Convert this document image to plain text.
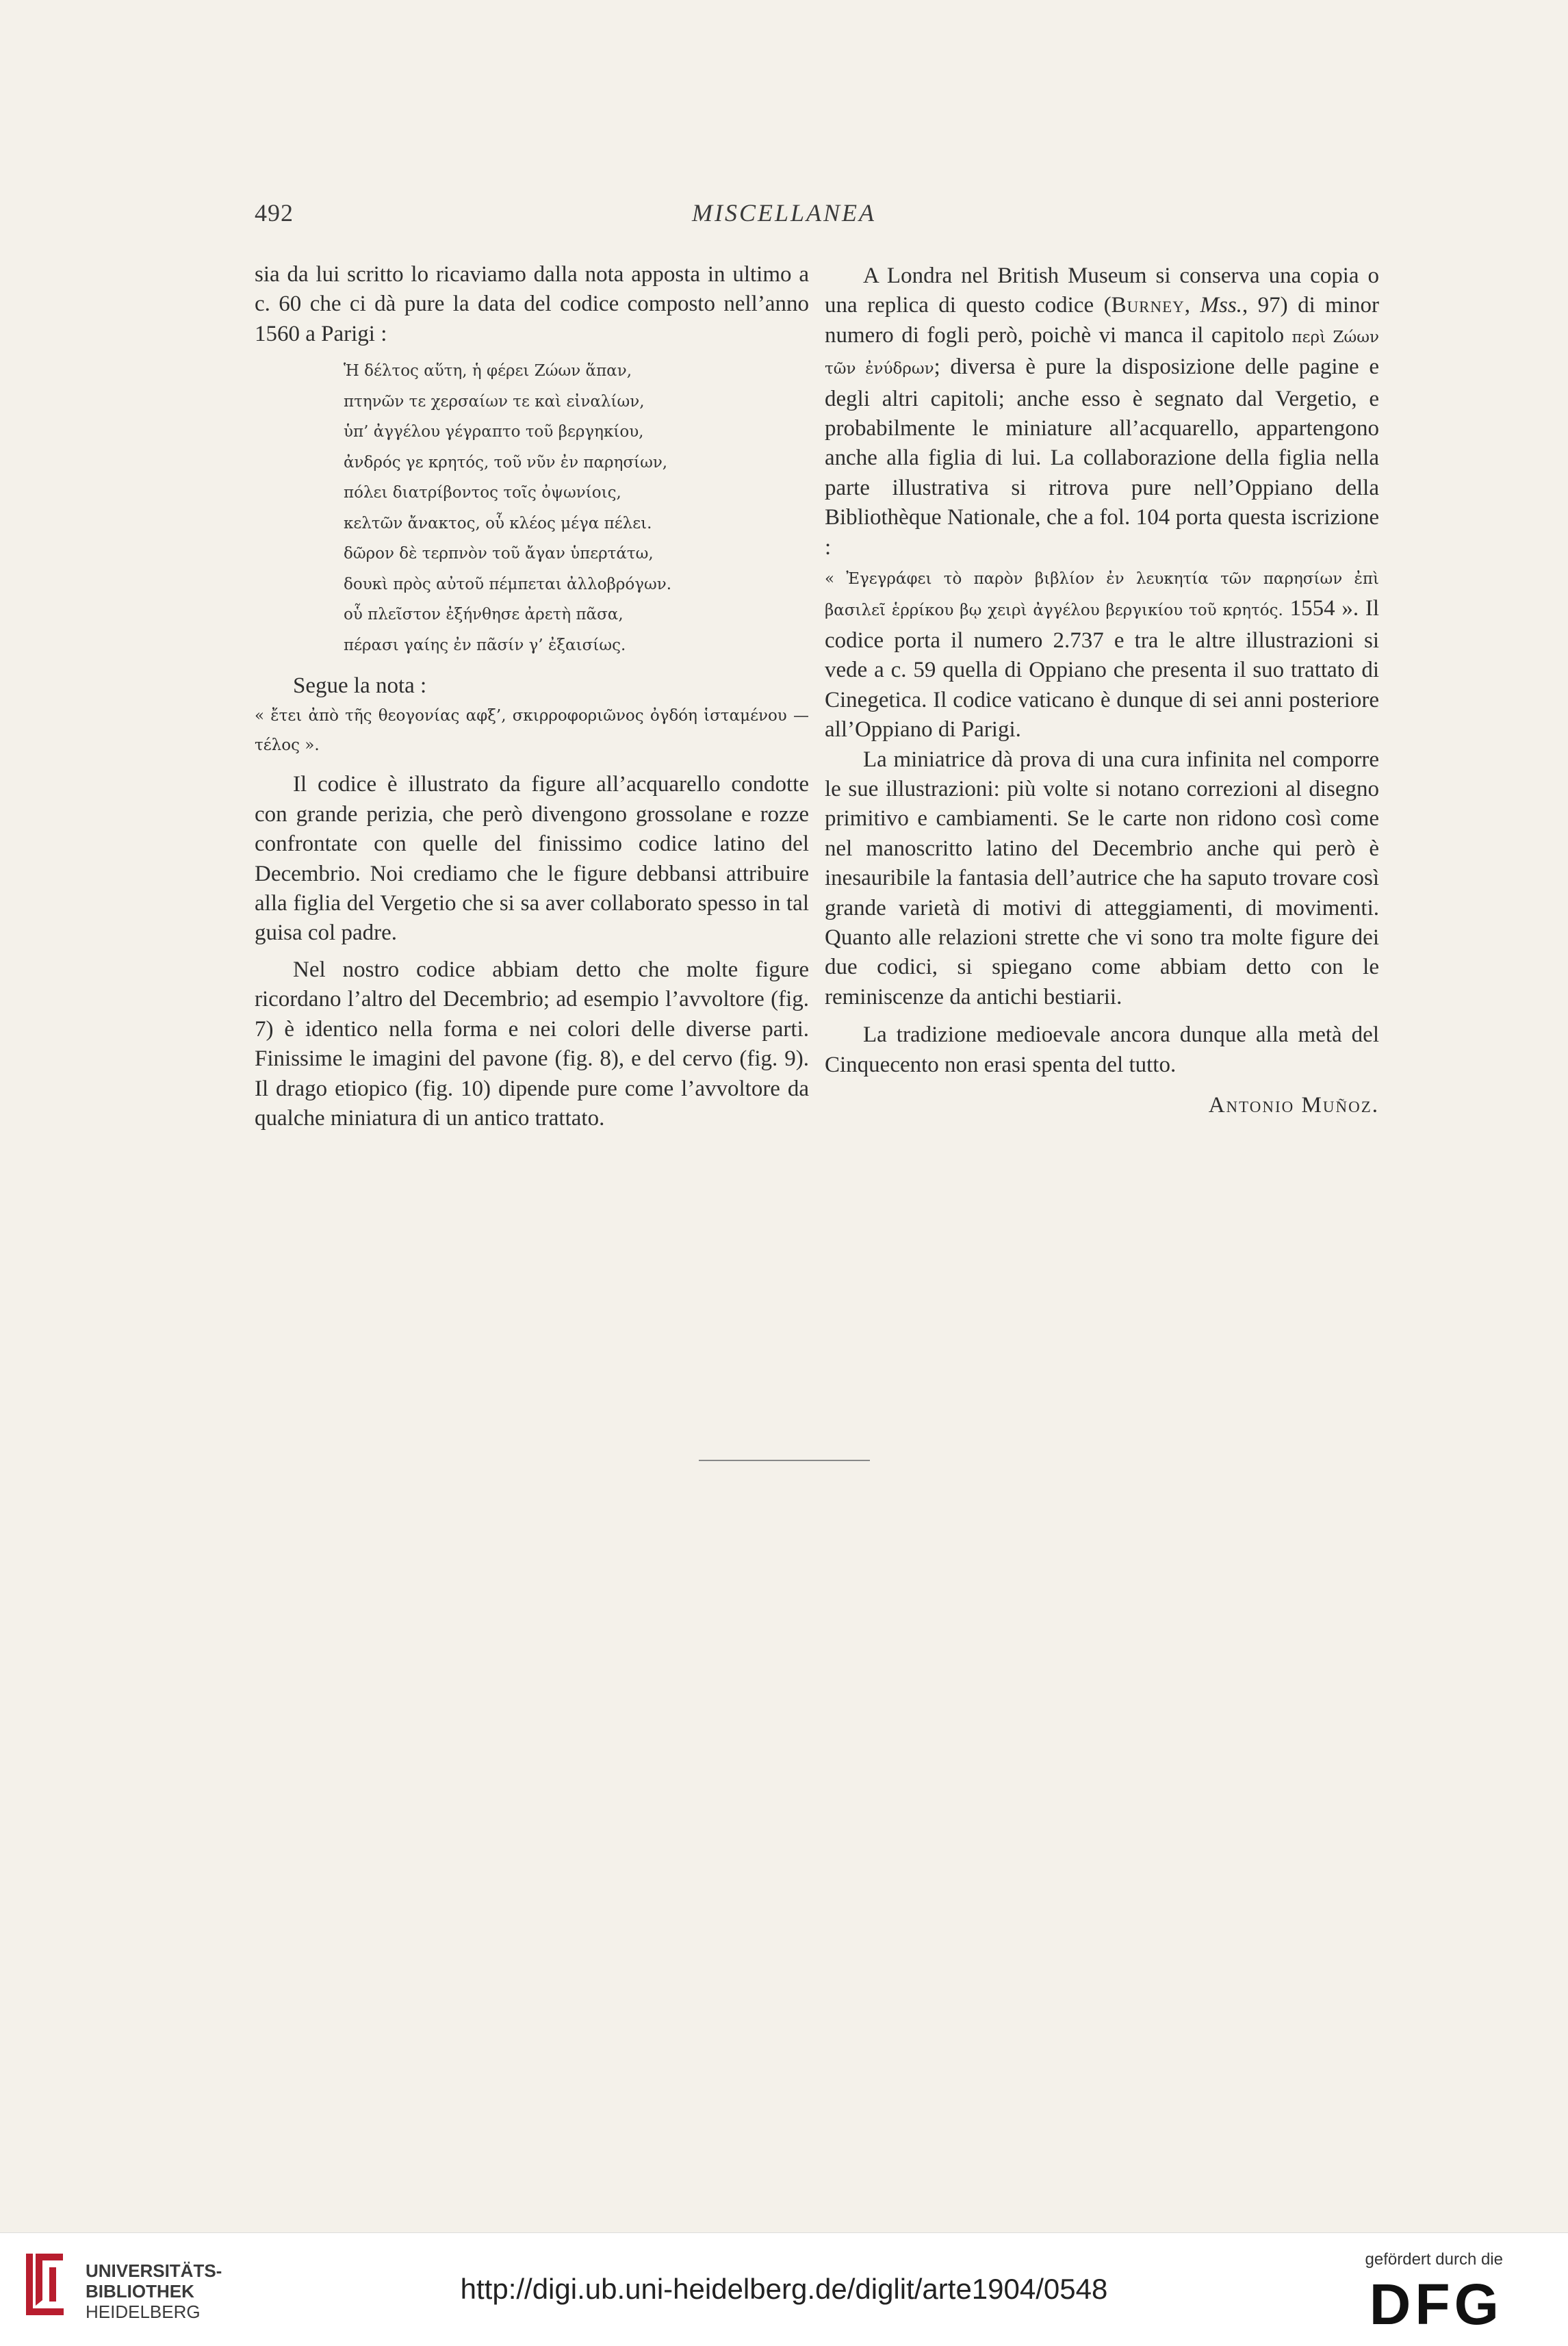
492	MISCELLANEA

sia da lui scritto lo ricaviamo dalla nota apposta in ultimo a c. 60 che ci dà pure la data del codice composto nell’anno 1560 a Parigi :

Ἡ δέλτος αὕτη, ἡ φέρει Ζώων ἅπαν,
πτηνῶν τε χερσαίων τε καὶ εἰναλίων,
ὑπ’ ἀγγέλου γέγραπτο τοῦ βεργηκίου,
ἀνδρός γε κρητός, τοῦ νῦν ἐν παρησίων,
πόλει διατρίβοντος τοῖς ὀψωνίοις,
κελτῶν ἄνακτος, οὗ κλέος μέγα πέλει.
δῶρον δὲ τερπνὸν τοῦ ἄγαν ὑπερτάτω,
δουκὶ πρὸς αὐτοῦ πέμπεται ἀλλοβρόγων.
οὗ πλεῖστον ἐξήνθησε ἀρετὴ πᾶσα,
πέρασι γαίης ἐν πᾶσίν γ’ ἐξαισίως.

Segue la nota :

« ἔτει ἀπὸ τῆς θεογονίας αφξ’, σκιρροφοριῶνος ὀγδόη ἱσταμένου — τέλος ».

Il codice è illustrato da figure all’acquarello condotte con grande perizia, che però divengono grossolane e rozze confrontate con quelle del finissimo codice latino del Decembrio. Noi crediamo che le figure debbansi attribuire alla figlia del Vergetio che si sa aver collaborato spesso in tal guisa col padre.

Nel nostro codice abbiam detto che molte figure ricordano l’altro del Decembrio; ad esempio l’avvoltore (fig. 7) è identico nella forma e nei colori delle diverse parti. Finissime le imagini del pavone (fig. 8), e del cervo (fig. 9). Il drago etiopico (fig. 10) dipende pure come l’avvoltore da qualche miniatura di un antico trattato.

A Londra nel British Museum si conserva una copia o una replica di questo codice (Burney, Mss., 97) di minor numero di fogli però, poichè vi manca il capitolo περὶ Ζώων τῶν ἐνύδρων; diversa è pure la disposizione delle pagine e degli altri capitoli; anche esso è segnato dal Vergetio, e probabilmente le miniature all’acquarello, appartengono anche alla figlia di lui. La collaborazione della figlia nella parte illustrativa si ritrova pure nell’Oppiano della Bibliothèque Nationale, che a fol. 104 porta questa iscrizione :

« Ἐγεγράφει τὸ παρὸν βιβλίον ἐν λευκητία τῶν παρησίων ἐπὶ βασιλεῖ ἑρρίκου βῳ χειρὶ ἀγγέλου βεργικίου τοῦ κρητός. 1554 ». Il codice porta il numero 2.737 e tra le altre illustrazioni si vede a c. 59 quella di Oppiano che presenta il suo trattato di Cinegetica. Il codice vaticano è dunque di sei anni posteriore all’Oppiano di Parigi.

La miniatrice dà prova di una cura infinita nel comporre le sue illustrazioni: più volte si notano correzioni al disegno primitivo e cambiamenti. Se le carte non ridono così come nel manoscritto latino del Decembrio anche qui però è inesauribile la fantasia dell’autrice che ha saputo trovare così grande varietà di motivi di atteggiamenti, di movimenti. Quanto alle relazioni strette che vi sono tra molte figure dei due codici, si spiegano come abbiam detto con le reminiscenze da antichi bestiarii.

La tradizione medioevale ancora dunque alla metà del Cinquecento non erasi spenta del tutto.

Antonio Muñoz.
UNIVERSITÄTS-
BIBLIOTHEK
HEIDELBERG
http://digi.ub.uni-heidelberg.de/diglit/arte1904/0548
gefördert durch die
DFG
